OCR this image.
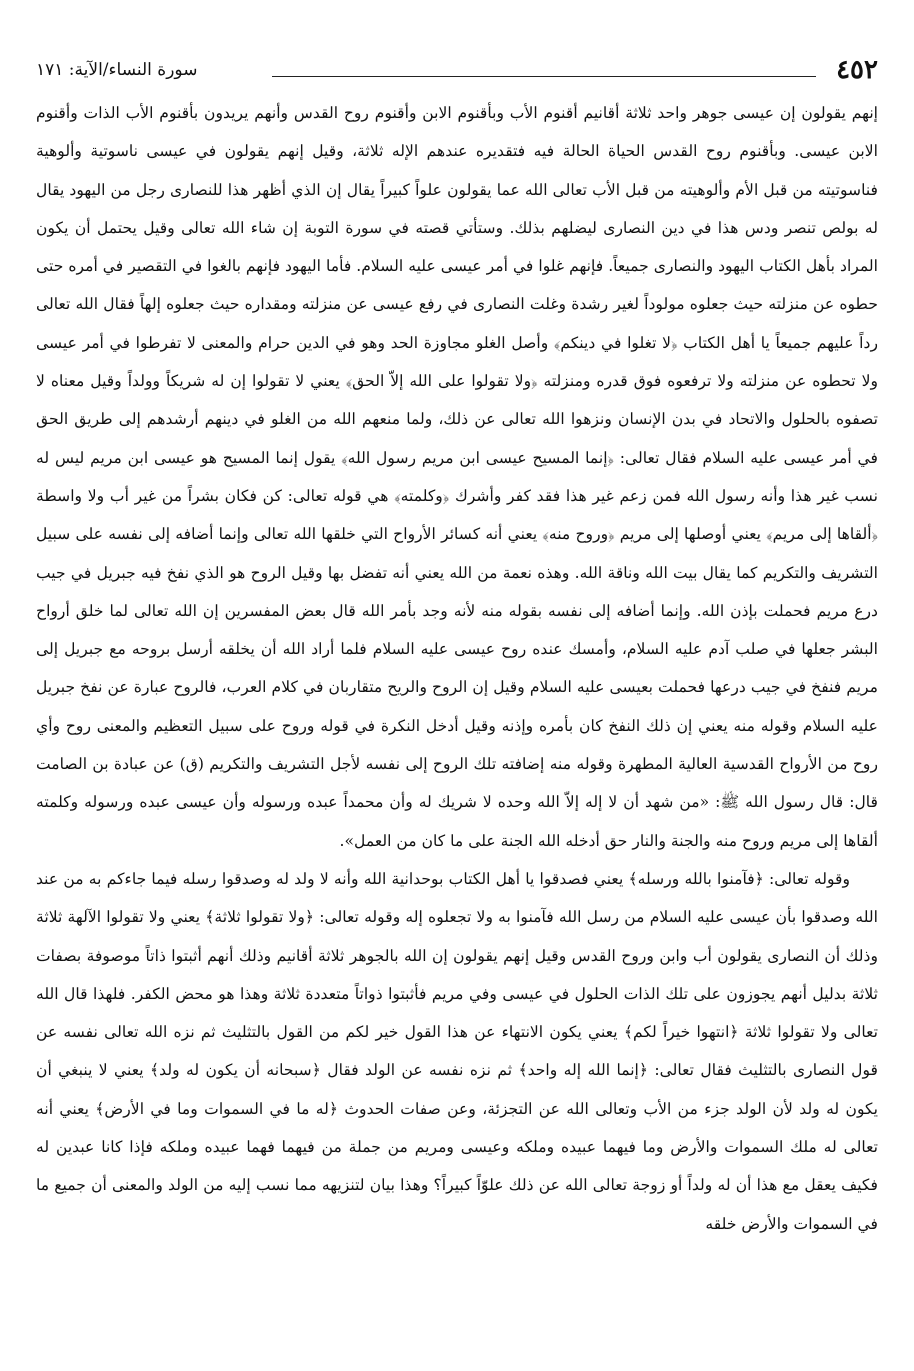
٤٥٢
سورة النساء/الآية: ١٧١

إنهم يقولون إن عيسى جوهر واحد ثلاثة أقانيم أقنوم الأب وبأقنوم الابن وأقنوم روح القدس وأنهم يريدون بأقنوم الأب الذات وأقنوم الابن عيسى. وبأقنوم روح القدس الحياة الحالة فيه فتقديره عندهم الإله ثلاثة، وقيل إنهم يقولون في عيسى ناسوتية وألوهية فناسوتيته من قبل الأم وألوهيته من قبل الأب تعالى الله عما يقولون علواً كبيراً يقال إن الذي أظهر هذا للنصارى رجل من اليهود يقال له بولص تنصر ودس هذا في دين النصارى ليضلهم بذلك. وستأتي قصته في سورة التوبة إن شاء الله تعالى وقيل يحتمل أن يكون المراد بأهل الكتاب اليهود والنصارى جميعاً. فإنهم غلوا في أمر عيسى عليه السلام. فأما اليهود فإنهم بالغوا في التقصير في أمره حتى حطوه عن منزلته حيث جعلوه مولوداً لغير رشدة وغلت النصارى في رفع عيسى عن منزلته ومقداره حيث جعلوه إلهاً فقال الله تعالى رداً عليهم جميعاً يا أهل الكتاب ﴿لا تغلوا في دينكم﴾ وأصل الغلو مجاوزة الحد وهو في الدين حرام والمعنى لا تفرطوا في أمر عيسى ولا تحطوه عن منزلته ولا ترفعوه فوق قدره ومنزلته ﴿ولا تقولوا على الله إلاّ الحق﴾ يعني لا تقولوا إن له شريكاً وولداً وقيل معناه لا تصفوه بالحلول والاتحاد في بدن الإنسان ونزهوا الله تعالى عن ذلك، ولما منعهم الله من الغلو في دينهم أرشدهم إلى طريق الحق في أمر عيسى عليه السلام فقال تعالى: ﴿إنما المسيح عيسى ابن مريم رسول الله﴾ يقول إنما المسيح هو عيسى ابن مريم ليس له نسب غير هذا وأنه رسول الله فمن زعم غير هذا فقد كفر وأشرك ﴿وكلمته﴾ هي قوله تعالى: كن فكان بشراً من غير أب ولا واسطة ﴿ألقاها إلى مريم﴾ يعني أوصلها إلى مريم ﴿وروح منه﴾ يعني أنه كسائر الأرواح التي خلقها الله تعالى وإنما أضافه إلى نفسه على سبيل التشريف والتكريم كما يقال بيت الله وناقة الله. وهذه نعمة من الله يعني أنه تفضل بها وقيل الروح هو الذي نفخ فيه جبريل في جيب درع مريم فحملت بإذن الله. وإنما أضافه إلى نفسه بقوله منه لأنه وجد بأمر الله قال بعض المفسرين إن الله تعالى لما خلق أرواح البشر جعلها في صلب آدم عليه السلام، وأمسك عنده روح عيسى عليه السلام فلما أراد الله أن يخلقه أرسل بروحه مع جبريل إلى مريم فنفخ في جيب درعها فحملت بعيسى عليه السلام وقيل إن الروح والريح متقاربان في كلام العرب، فالروح عبارة عن نفخ جبريل عليه السلام وقوله منه يعني إن ذلك النفخ كان بأمره وإذنه وقيل أدخل النكرة في قوله وروح على سبيل التعظيم والمعنى روح وأي روح من الأرواح القدسية العالية المطهرة وقوله منه إضافته تلك الروح إلى نفسه لأجل التشريف والتكريم (ق) عن عبادة بن الصامت قال: قال رسول الله ﷺ: «من شهد أن لا إله إلاّ الله وحده لا شريك له وأن محمداً عبده ورسوله وأن عيسى عبده ورسوله وكلمته ألقاها إلى مريم وروح منه والجنة والنار حق أدخله الله الجنة على ما كان من العمل».

وقوله تعالى: ﴿فآمنوا بالله ورسله﴾ يعني فصدقوا يا أهل الكتاب بوحدانية الله وأنه لا ولد له وصدقوا رسله فيما جاءكم به من عند الله وصدقوا بأن عيسى عليه السلام من رسل الله فآمنوا به ولا تجعلوه إله وقوله تعالى: ﴿ولا تقولوا ثلاثة﴾ يعني ولا تقولوا الآلهة ثلاثة وذلك أن النصارى يقولون أب وابن وروح القدس وقيل إنهم يقولون إن الله بالجوهر ثلاثة أقانيم وذلك أنهم أثبتوا ذاتاً موصوفة بصفات ثلاثة بدليل أنهم يجوزون على تلك الذات الحلول في عيسى وفي مريم فأثبتوا ذواتاً متعددة ثلاثة وهذا هو محض الكفر. فلهذا قال الله تعالى ولا تقولوا ثلاثة ﴿انتهوا خيراً لكم﴾ يعني يكون الانتهاء عن هذا القول خير لكم من القول بالتثليث ثم نزه الله تعالى نفسه عن قول النصارى بالتثليث فقال تعالى: ﴿إنما الله إله واحد﴾ ثم نزه نفسه عن الولد فقال ﴿سبحانه أن يكون له ولد﴾ يعني لا ينبغي أن يكون له ولد لأن الولد جزء من الأب وتعالى الله عن التجزئة، وعن صفات الحدوث ﴿له ما في السموات وما في الأرض﴾ يعني أنه تعالى له ملك السموات والأرض وما فيهما عبيده وملكه وعيسى ومريم من جملة من فيهما فهما عبيده وملكه فإذا كانا عبدين له فكيف يعقل مع هذا أن له ولداً أو زوجة تعالى الله عن ذلك علوّاً كبيراً؟ وهذا بيان لتنزيهه مما نسب إليه من الولد والمعنى أن جميع ما في السموات والأرض خلقه
